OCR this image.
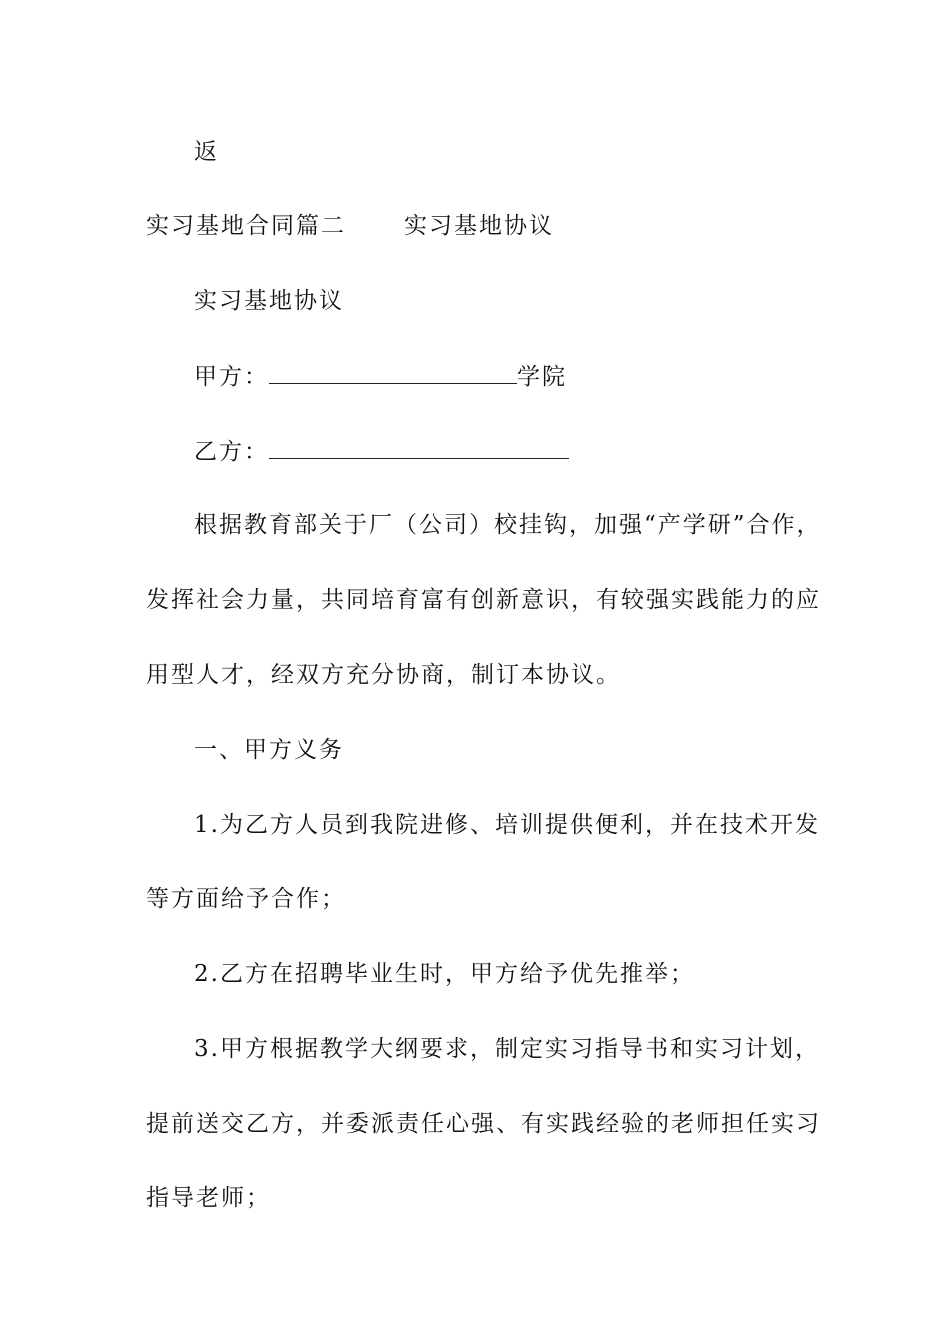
返
实习基地合同篇二	实习基地协议
实习基地协议
甲方：	学院
乙方：
根据教育部关于厂（公司）校挂钩，加强“产学研”合作，
发挥社会力量，共同培育富有创新意识，有较强实践能力的应
用型人才，经双方充分协商，制订本协议。
一、甲方义务
1.为乙方人员到我院进修、培训提供便利，并在技术开发
等方面给予合作；
2.乙方在招聘毕业生时，甲方给予优先推举；
3.甲方根据教学大纲要求，制定实习指导书和实习计划，
提前送交乙方，并委派责任心强、有实践经验的老师担任实习
指导老师；
